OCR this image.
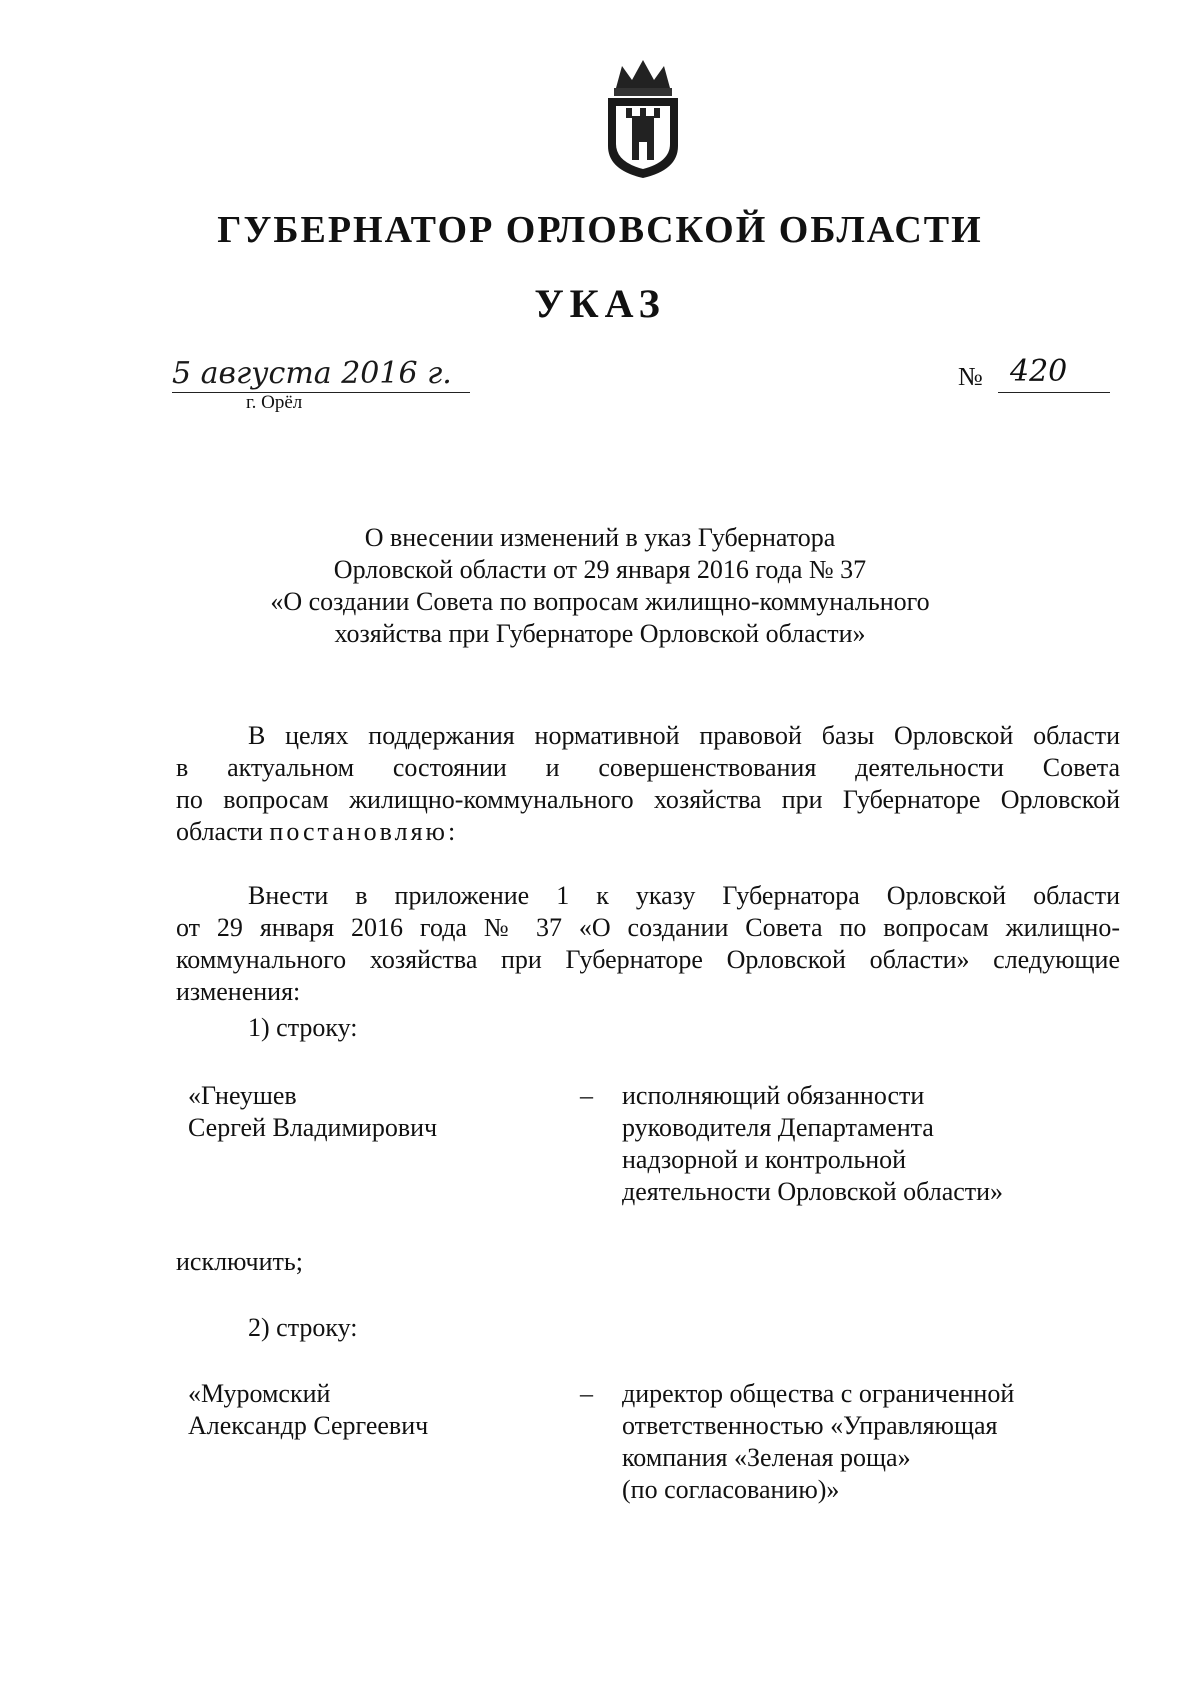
ГУБЕРНАТОР ОРЛОВСКОЙ ОБЛАСТИ
УКАЗ
5 августа 2016 г.
г. Орёл
№ 420
О внесении изменений в указ Губернатора
Орловской области от 29 января 2016 года № 37
«О создании Совета по вопросам жилищно-коммунального
хозяйства при Губернаторе Орловской области»
В целях поддержания нормативной правовой базы Орловской области
в актуальном состоянии и совершенствования деятельности Совета
по вопросам жилищно-коммунального хозяйства при Губернаторе Орловской
области постановляю:
Внести в приложение 1 к указу Губернатора Орловской области
от 29 января 2016 года № 37 «О создании Совета по вопросам жилищно-
коммунального хозяйства при Губернаторе Орловской области» следующие
изменения:
1) строку:
«Гнеушев
Сергей Владимирович
– исполняющий обязанности
руководителя Департамента
надзорной и контрольной
деятельности Орловской области»
исключить;
2) строку:
«Муромский
Александр Сергеевич
– директор общества с ограниченной
ответственностью «Управляющая
компания «Зеленая роща»
(по согласованию)»
